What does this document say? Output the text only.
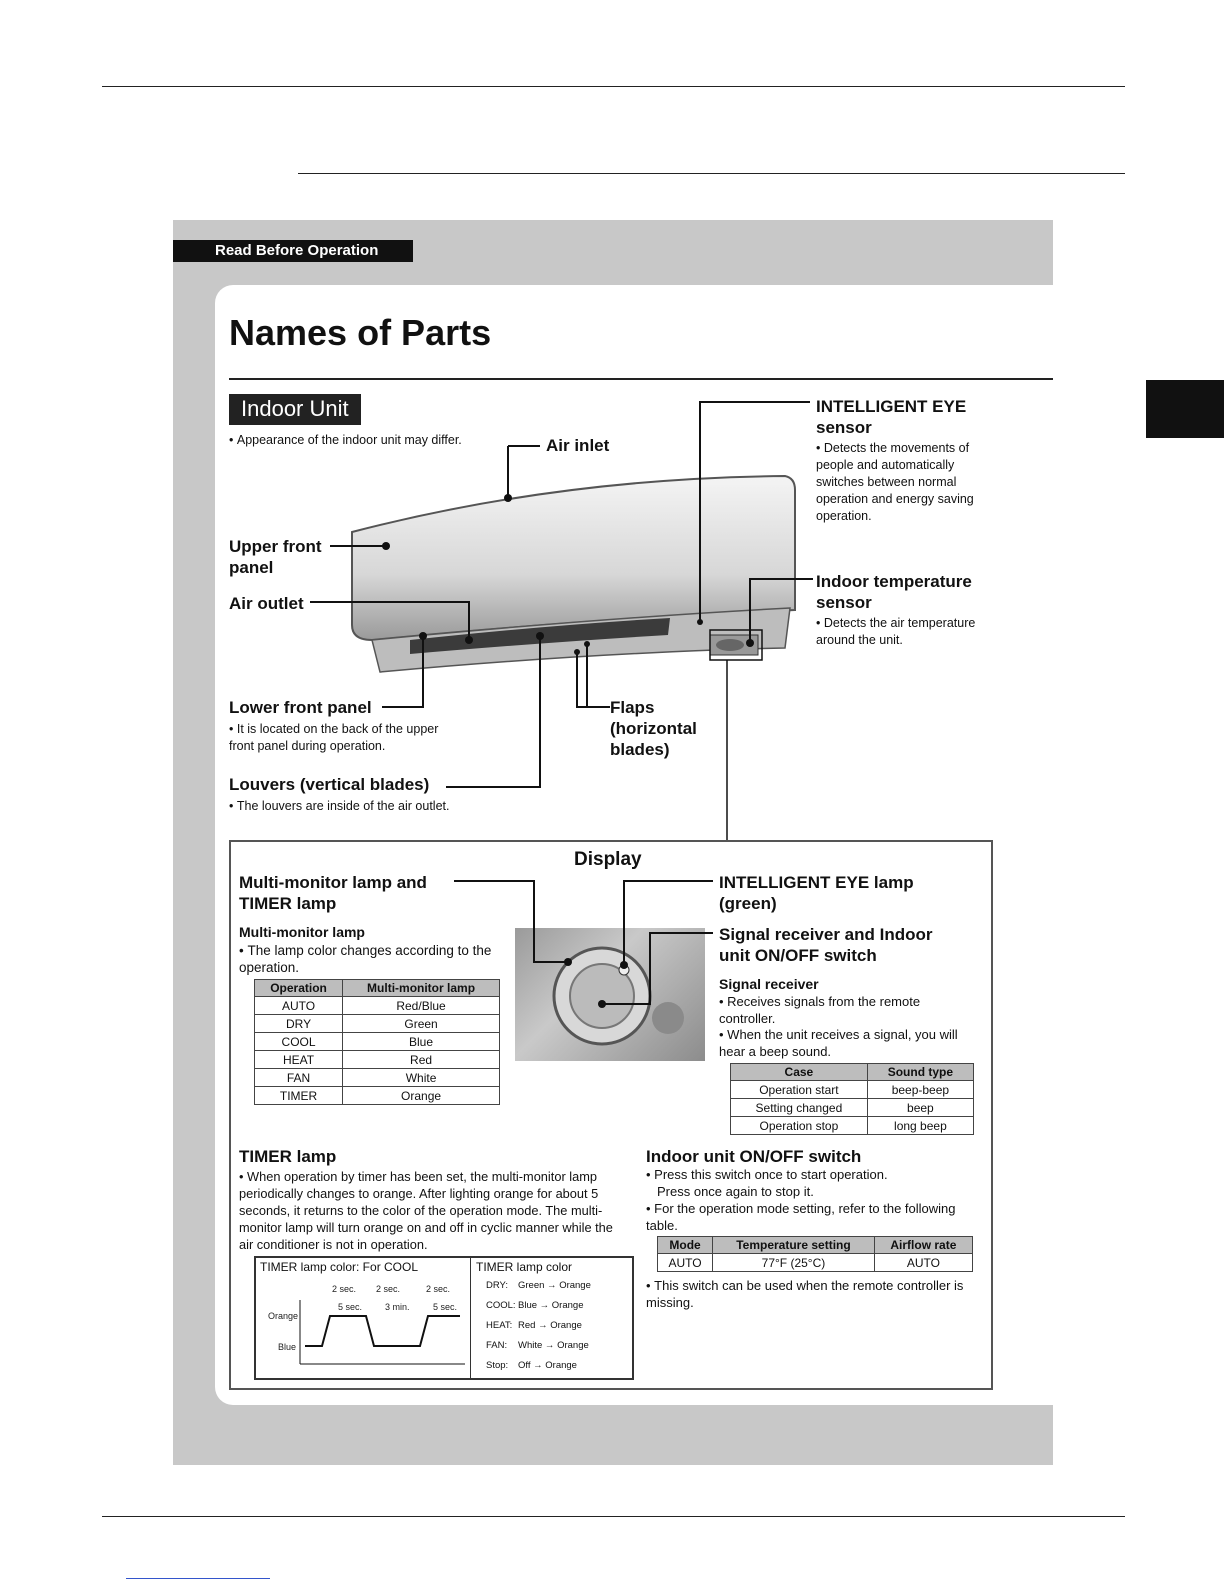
Read Before Operation
Names of Parts
Indoor Unit
• Appearance of the indoor unit may differ.	Air inlet
Upper front panel
Air outlet
Lower front panel
• It is located on the back of the upper front panel during operation.
Louvers (vertical blades)
• The louvers are inside of the air outlet.
Flaps (horizontal blades)
INTELLIGENT EYE sensor
• Detects the movements of people and automatically switches between normal operation and energy saving operation.
Indoor temperature sensor
• Detects the air temperature around the unit.
Display
Multi-monitor lamp and TIMER lamp
Multi-monitor lamp
• The lamp color changes according to the operation.
Operation	Multi-monitor lamp
AUTO	Red/Blue
DRY	Green
COOL	Blue
HEAT	Red
FAN	White
TIMER	Orange
INTELLIGENT EYE lamp (green)
Signal receiver and Indoor unit ON/OFF switch
Signal receiver
• Receives signals from the remote controller.
• When the unit receives a signal, you will hear a beep sound.
Case	Sound type
Operation start	beep-beep
Setting changed	beep
Operation stop	long beep
TIMER lamp
• When operation by timer has been set, the multi-monitor lamp periodically changes to orange. After lighting orange for about 5 seconds, it returns to the color of the operation mode. The multi-monitor lamp will turn orange on and off in cyclic manner while the air conditioner is not in operation.
TIMER lamp color: For COOL	TIMER lamp color
Orange
Blue
2 sec. 2 sec.	2 sec.
5 sec.	3 min.	5 sec.
DRY: Green → Orange
COOL: Blue → Orange
HEAT: Red → Orange
FAN: White → Orange
Stop: Off → Orange
Indoor unit ON/OFF switch
• Press this switch once to start operation.
Press once again to stop it.
• For the operation mode setting, refer to the following table.
Mode	Temperature setting	Airflow rate
AUTO	77°F (25°C)	AUTO
• This switch can be used when the remote controller is missing.
